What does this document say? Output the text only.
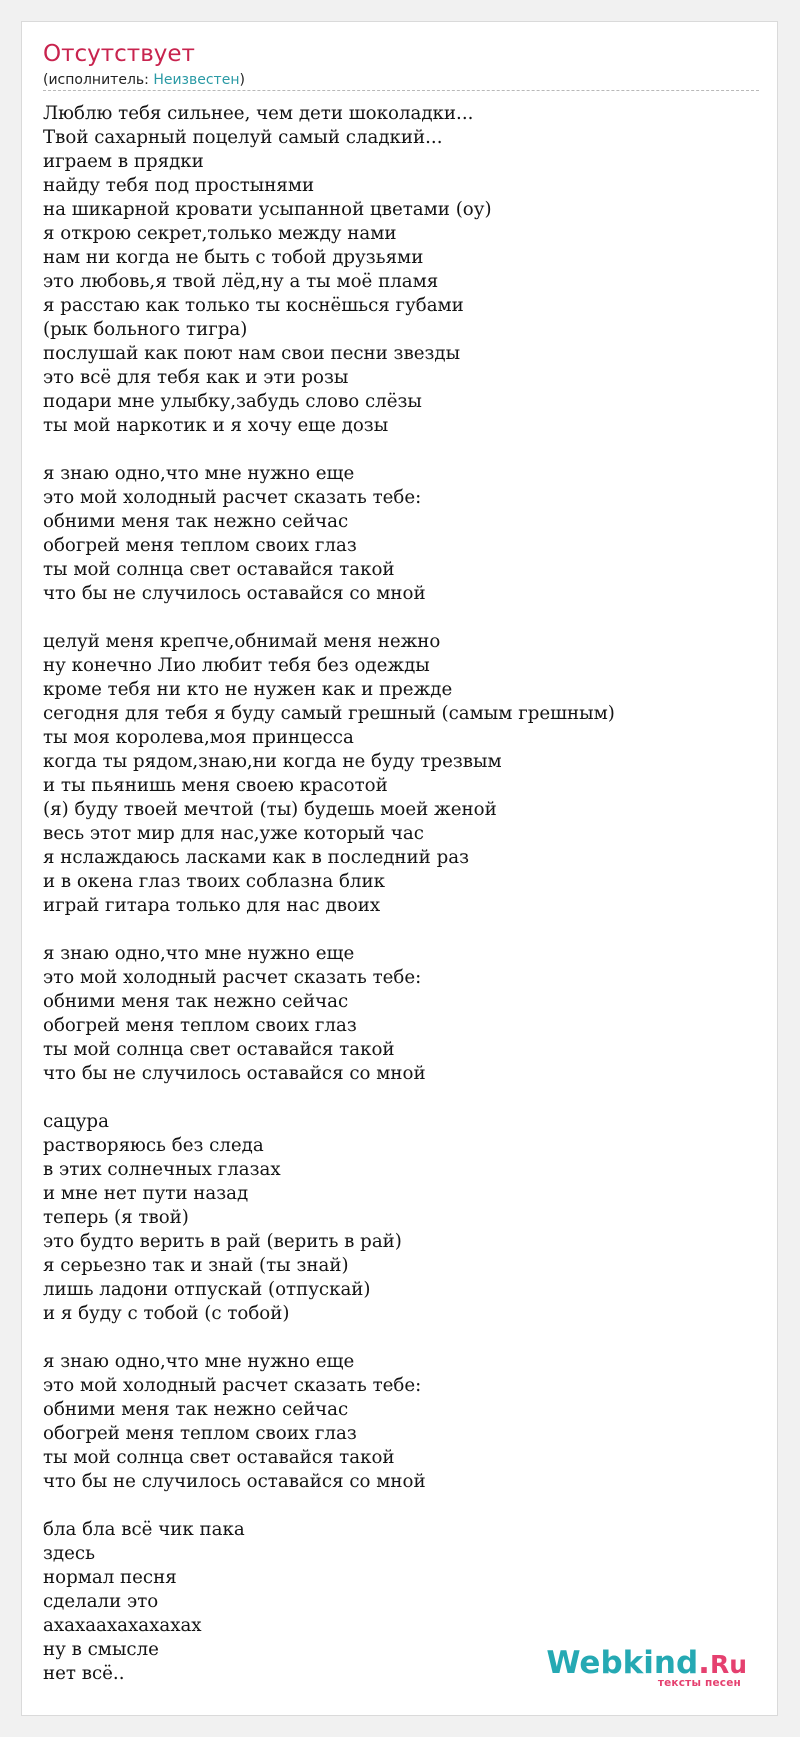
Отсутствует
(исполнитель: Неизвестен)
Люблю тебя сильнее, чем дети шоколадки...
Твой сахарный поцелуй самый сладкий...
играем в прядки
найду тебя под простынями
на шикарной кровати усыпанной цветами (оу)
я открою секрет,только между нами
нам ни когда не быть с тобой друзьями
это любовь,я твой лёд,ну а ты моё пламя
я расстаю как только ты коснёшься губами
(рык больного тигра)
послушай как поют нам свои песни звезды
это всё для тебя как и эти розы
подари мне улыбку,забудь слово слёзы
ты мой наркотик и я хочу еще дозы
я знаю одно,что мне нужно еще
это мой холодный расчет сказать тебе:
обними меня так нежно сейчас
обогрей меня теплом своих глаз
ты мой солнца свет оставайся такой
что бы не случилось оставайся со мной
целуй меня крепче,обнимай меня нежно
ну конечно Лио любит тебя без одежды
кроме тебя ни кто не нужен как и прежде
сегодня для тебя я буду самый грешный (самым грешным)
ты моя королева,моя принцесса
когда ты рядом,знаю,ни когда не буду трезвым
и ты пьянишь меня своею красотой
(я) буду твоей мечтой (ты) будешь моей женой
весь этот мир для нас,уже который час
я нслаждаюсь ласками как в последний раз
и в окена глаз твоих соблазна блик
играй гитара только для нас двоих
я знаю одно,что мне нужно еще
это мой холодный расчет сказать тебе:
обними меня так нежно сейчас
обогрей меня теплом своих глаз
ты мой солнца свет оставайся такой
что бы не случилось оставайся со мной
сацура
растворяюсь без следа
в этих солнечных глазах
и мне нет пути назад
теперь (я твой)
это будто верить в рай (верить в рай)
я серьезно так и знай (ты знай)
лишь ладони отпускай (отпускай)
и я буду с тобой (с тобой)
я знаю одно,что мне нужно еще
это мой холодный расчет сказать тебе:
обними меня так нежно сейчас
обогрей меня теплом своих глаз
ты мой солнца свет оставайся такой
что бы не случилось оставайся со мной
бла бла всё чик пака
здесь
нормал песня
сделали это
ахахаахахахахах
ну в смысле
нет всё..	Webkind.Ru
тексты песен
